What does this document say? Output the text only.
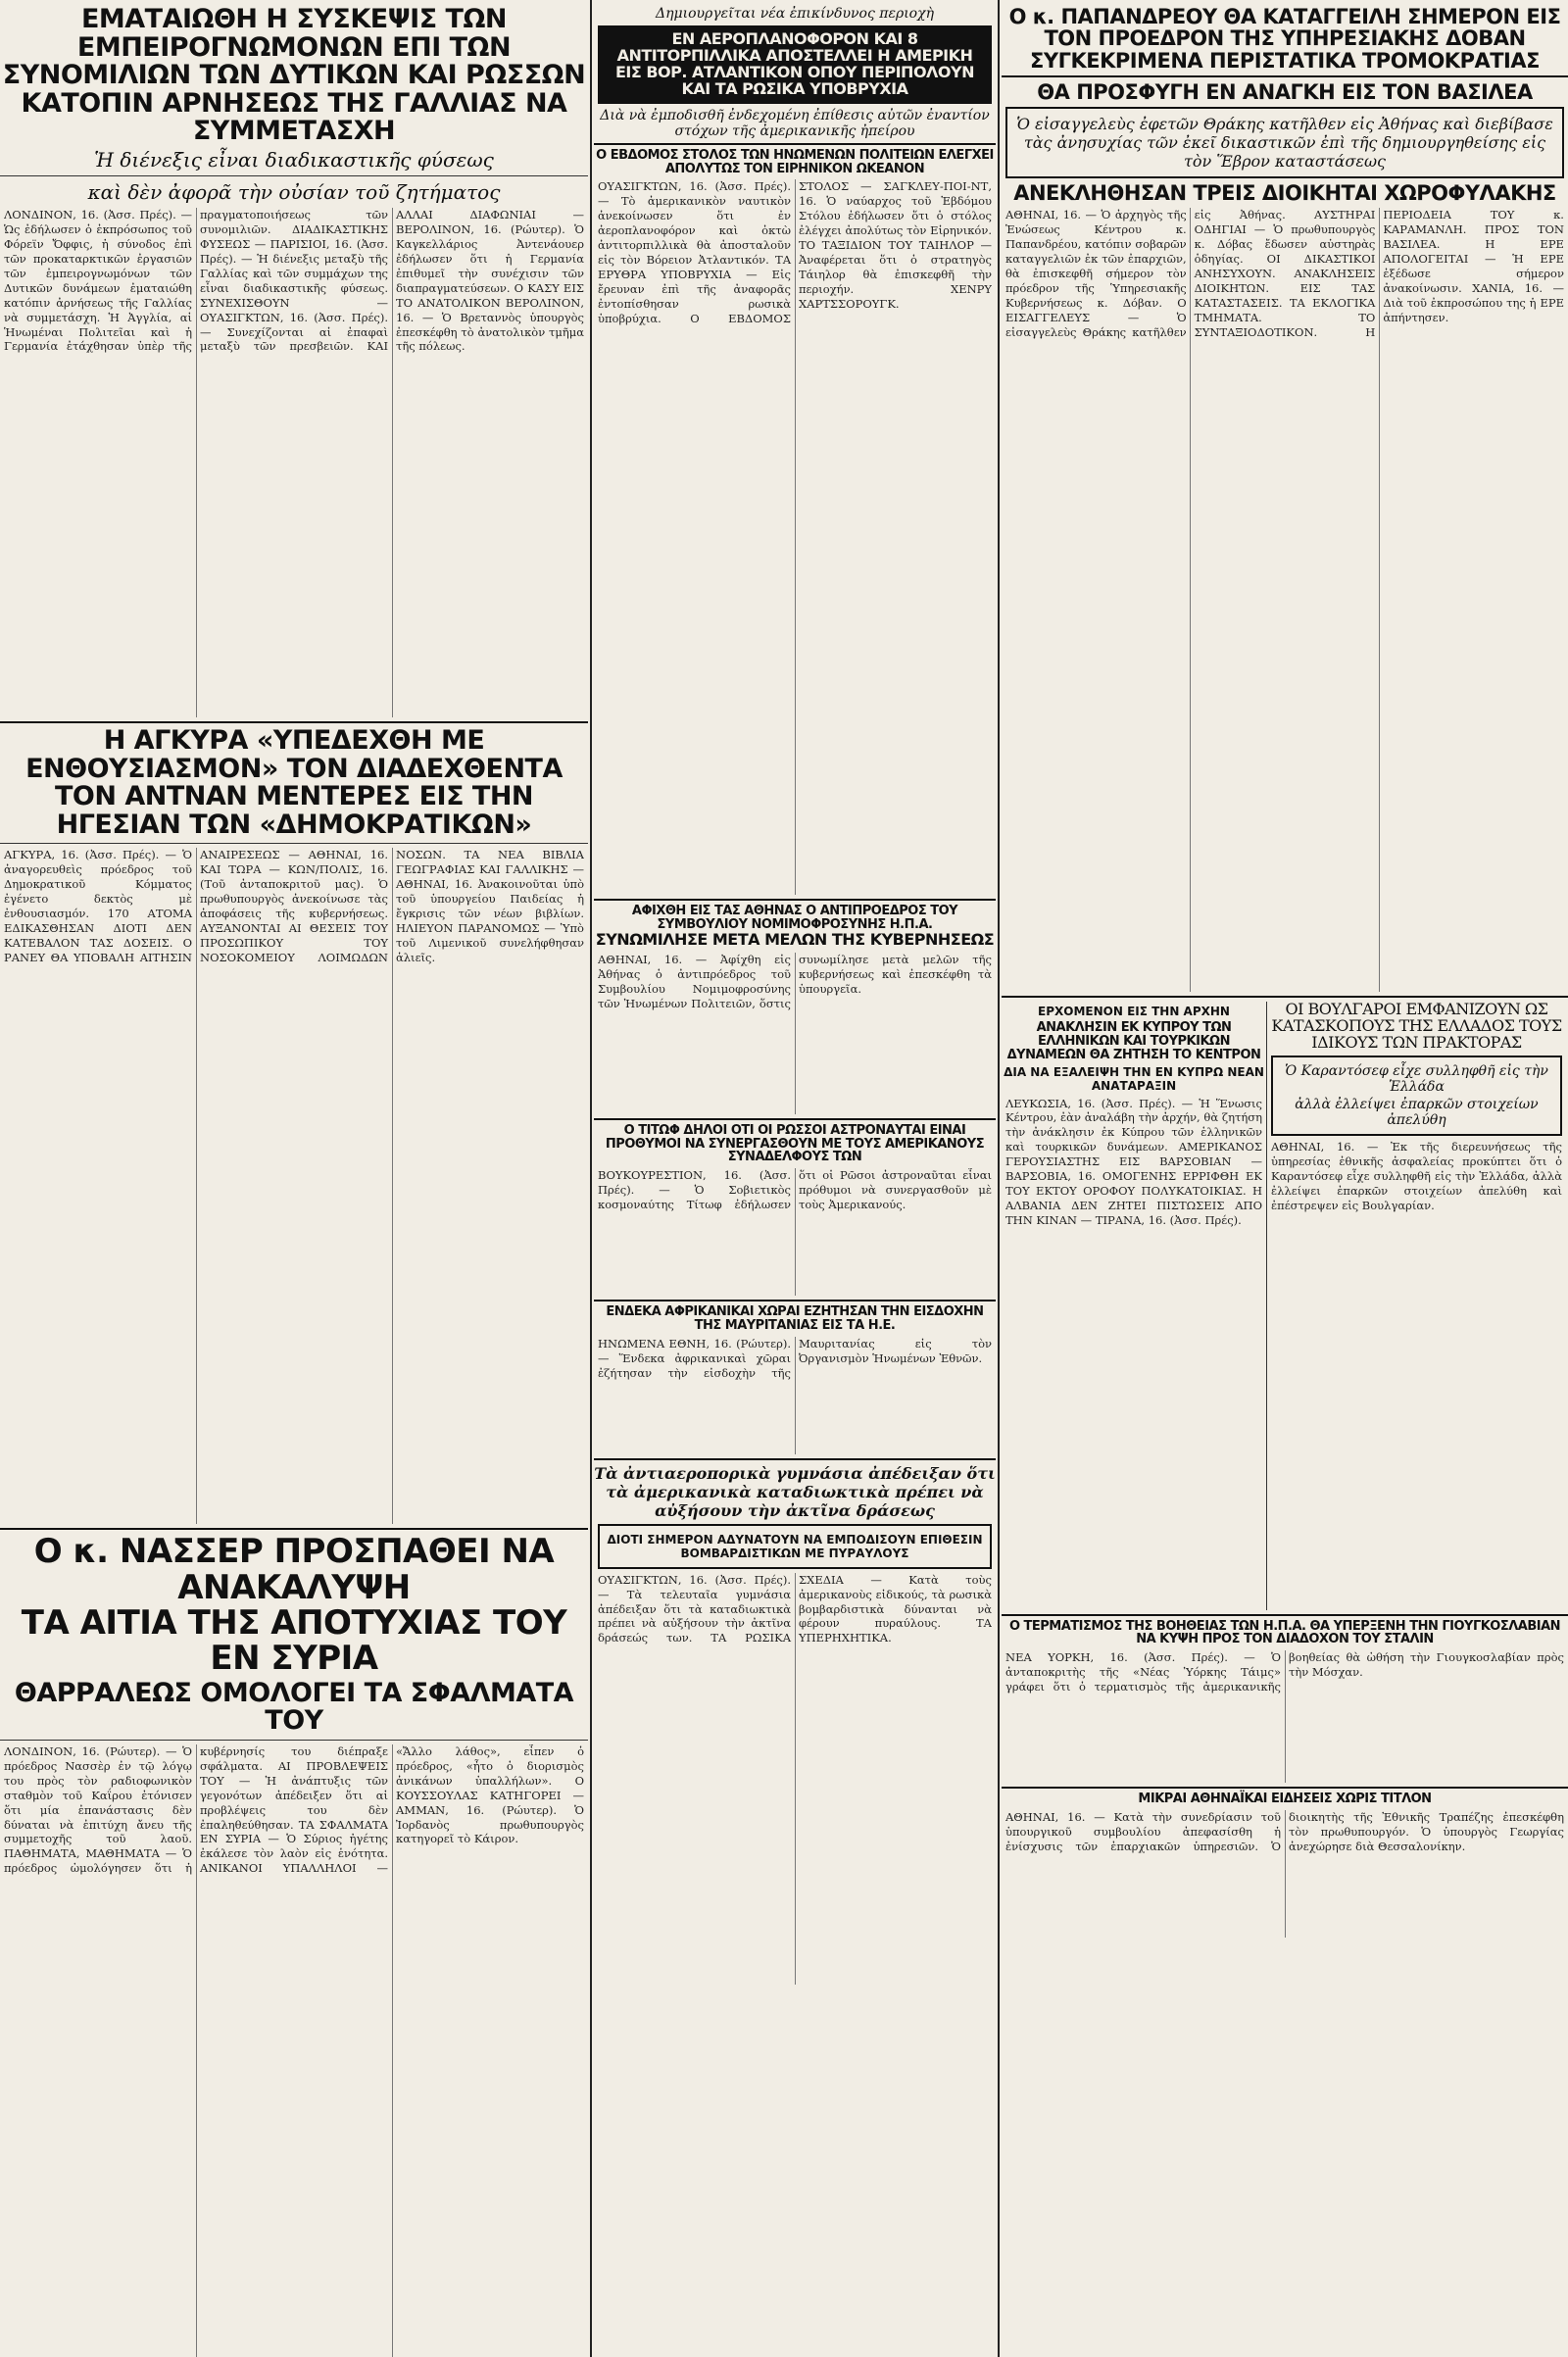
ΕΜΑΤΑΙΩΘΗ Η ΣΥΣΚΕΨΙΣ ΤΩΝ ΕΜΠΕΙΡΟΓΝΩΜΟΝΩΝ ΕΠΙ ΤΩΝ ΣΥΝΟΜΙΛΙΩΝ ΤΩΝ ΔΥΤΙΚΩΝ ΚΑΙ ΡΩΣΣΩΝ ΚΑΤΟΠΙΝ ΑΡΝΗΣΕΩΣ ΤΗΣ ΓΑΛΛΙΑΣ ΝΑ ΣΥΜΜΕΤΑΣΧΗ
Ἡ διένεξις εἶναι διαδικαστικῆς φύσεως
καὶ δὲν ἀφορᾶ τὴν οὐσίαν τοῦ ζητήματος
ΛΟΝΔΙΝΟΝ, 16. (Ἀσσ. Πρές). — Ὡς ἐδήλωσεν ὁ ἐκπρόσωπος τοῦ Φόρεϊν Ὄφφις, ἡ σύνοδος ἐπὶ τῶν προκαταρκτικῶν ἐργασιῶν τῶν ἐμπειρογνωμόνων τῶν Δυτικῶν δυνάμεων ἐματαιώθη κατόπιν ἀρνήσεως τῆς Γαλλίας νὰ συμμετάσχη. Ἡ Ἀγγλία, αἱ Ἡνωμέναι Πολιτεῖαι καὶ ἡ Γερμανία ἐτάχθησαν ὑπὲρ τῆς πραγματοποιήσεως τῶν συνομιλιῶν. ΔΙΑΔΙΚΑΣΤΙΚΗΣ ΦΥΣΕΩΣ — ΠΑΡΙΣΙΟΙ, 16. (Ἀσσ. Πρές). — Ἡ διένεξις μεταξὺ τῆς Γαλλίας καὶ τῶν συμμάχων της εἶναι διαδικαστικῆς φύσεως. ΣΥΝΕΧΙΣΘΟΥΝ — ΟΥΑΣΙΓΚΤΩΝ, 16. (Ἀσσ. Πρές). — Συνεχίζονται αἱ ἐπαφαὶ μεταξὺ τῶν πρεσβειῶν. ΚΑΙ ΑΛΛΑΙ ΔΙΑΦΩΝΙΑΙ — ΒΕΡΟΛΙΝΟΝ, 16. (Ρώυτερ). Ὁ Καγκελλάριος Ἀντενάουερ ἐδήλωσεν ὅτι ἡ Γερμανία ἐπιθυμεῖ τὴν συνέχισιν τῶν διαπραγματεύσεων. Ο ΚΑΣΥ ΕΙΣ ΤΟ ΑΝΑΤΟΛΙΚΟΝ ΒΕΡΟΛΙΝΟΝ, 16. — Ὁ Βρεταννὸς ὑπουργὸς ἐπεσκέφθη τὸ ἀνατολικὸν τμῆμα τῆς πόλεως.
Η ΑΓΚΥΡΑ «ΥΠΕΔΕΧΘΗ ΜΕ ΕΝΘΟΥΣΙΑΣΜΟΝ» ΤΟΝ ΔΙΑΔΕΧΘΕΝΤΑ ΤΟΝ ΑΝΤΝΑΝ ΜΕΝΤΕΡΕΣ ΕΙΣ ΤΗΝ ΗΓΕΣΙΑΝ ΤΩΝ «ΔΗΜΟΚΡΑΤΙΚΩΝ»
ΑΓΚΥΡΑ, 16. (Ἀσσ. Πρές). — Ὁ ἀναγορευθεὶς πρόεδρος τοῦ Δημοκρατικοῦ Κόμματος ἐγένετο δεκτὸς μὲ ἐνθουσιασμόν. 170 ΑΤΟΜΑ ΕΔΙΚΑΣΘΗΣΑΝ ΔΙΟΤΙ ΔΕΝ ΚΑΤΕΒΑΛΟΝ ΤΑΣ ΔΟΣΕΙΣ. Ο ΡΑΝΕΥ ΘΑ ΥΠΟΒΑΛΗ ΑΙΤΗΣΙΝ ΑΝΑΙΡΕΣΕΩΣ — ΑΘΗΝΑΙ, 16. ΚΑΙ ΤΩΡΑ — ΚΩΝ/ΠΟΛΙΣ, 16. (Τοῦ ἀνταποκριτοῦ μας). Ὁ πρωθυπουργὸς ἀνεκοίνωσε τὰς ἀποφάσεις τῆς κυβερνήσεως. ΑΥΞΑΝΟΝΤΑΙ ΑΙ ΘΕΣΕΙΣ ΤΟΥ ΠΡΟΣΩΠΙΚΟΥ ΤΟΥ ΝΟΣΟΚΟΜΕΙΟΥ ΛΟΙΜΩΔΩΝ ΝΟΣΩΝ. ΤΑ ΝΕΑ ΒΙΒΛΙΑ ΓΕΩΓΡΑΦΙΑΣ ΚΑΙ ΓΑΛΛΙΚΗΣ — ΑΘΗΝΑΙ, 16. Ἀνακοινοῦται ὑπὸ τοῦ ὑπουργείου Παιδείας ἡ ἔγκρισις τῶν νέων βιβλίων. ΗΛΙΕΥΟΝ ΠΑΡΑΝΟΜΩΣ — Ὑπὸ τοῦ Λιμενικοῦ συνελήφθησαν ἁλιεῖς.
Ο κ. ΝΑΣΣΕΡ ΠΡΟΣΠΑΘΕΙ ΝΑ ΑΝΑΚΑΛΥΨΗ
ΤΑ ΑΙΤΙΑ ΤΗΣ ΑΠΟΤΥΧΙΑΣ ΤΟΥ ΕΝ ΣΥΡΙΑ
ΘΑΡΡΑΛΕΩΣ ΟΜΟΛΟΓΕΙ ΤΑ ΣΦΑΛΜΑΤΑ ΤΟΥ
ΛΟΝΔΙΝΟΝ, 16. (Ρώυτερ). — Ὁ πρόεδρος Νασσὲρ ἐν τῷ λόγῳ του πρὸς τὸν ραδιοφωνικὸν σταθμὸν τοῦ Καΐρου ἐτόνισεν ὅτι μία ἐπανάστασις δὲν δύναται νὰ ἐπιτύχη ἄνευ τῆς συμμετοχῆς τοῦ λαοῦ. ΠΑΘΗΜΑΤΑ, ΜΑΘΗΜΑΤΑ — Ὁ πρόεδρος ὡμολόγησεν ὅτι ἡ κυβέρνησίς του διέπραξε σφάλματα. ΑΙ ΠΡΟΒΛΕΨΕΙΣ ΤΟΥ — Ἡ ἀνάπτυξις τῶν γεγονότων ἀπέδειξεν ὅτι αἱ προβλέψεις του δὲν ἐπαληθεύθησαν. ΤΑ ΣΦΑΛΜΑΤΑ ΕΝ ΣΥΡΙΑ — Ὁ Σύριος ἠγέτης ἐκάλεσε τὸν λαὸν εἰς ἑνότητα. ΑΝΙΚΑΝΟΙ ΥΠΑΛΛΗΛΟΙ — «Ἄλλο λάθος», εἶπεν ὁ πρόεδρος, «ἦτο ὁ διορισμὸς ἀνικάνων ὑπαλλήλων». Ο ΚΟΥΣΣΟΥΛΑΣ ΚΑΤΗΓΟΡΕΙ — ΑΜΜΑΝ, 16. (Ρώυτερ). Ὁ Ἰορδανὸς πρωθυπουργὸς κατηγορεῖ τὸ Κάιρον.
Δημιουργεῖται νέα ἐπικίνδυνος περιοχὴ
ΕΝ ΑΕΡΟΠΛΑΝΟΦΟΡΟΝ ΚΑΙ 8 ΑΝΤΙΤΟΡΠΙΛΛΙΚΑ ΑΠΟΣΤΕΛΛΕΙ Η ΑΜΕΡΙΚΗ ΕΙΣ ΒΟΡ. ΑΤΛΑΝΤΙΚΟΝ ΟΠΟΥ ΠΕΡΙΠΟΛΟΥΝ ΚΑΙ ΤΑ ΡΩΣΙΚΑ ΥΠΟΒΡΥΧΙΑ
Διὰ νὰ ἐμποδισθῆ ἐνδεχομένη ἐπίθεσις αὐτῶν ἐναντίον στόχων τῆς ἀμερικανικῆς ἠπείρου
Ο ΕΒΔΟΜΟΣ ΣΤΟΛΟΣ ΤΩΝ ΗΝΩΜΕΝΩΝ ΠΟΛΙΤΕΙΩΝ ΕΛΕΓΧΕΙ ΑΠΟΛΥΤΩΣ ΤΟΝ ΕΙΡΗΝΙΚΟΝ ΩΚΕΑΝΟΝ
ΟΥΑΣΙΓΚΤΩΝ, 16. (Ἀσσ. Πρές). — Τὸ ἀμερικανικὸν ναυτικὸν ἀνεκοίνωσεν ὅτι ἐν ἀεροπλανοφόρον καὶ ὀκτὼ ἀντιτορπιλλικὰ θὰ ἀποσταλοῦν εἰς τὸν Βόρειον Ἀτλαντικόν. ΤΑ ΕΡΥΘΡΑ ΥΠΟΒΡΥΧΙΑ — Εἰς ἔρευναν ἐπὶ τῆς ἀναφορᾶς ἐντοπίσθησαν ρωσικὰ ὑποβρύχια. Ο ΕΒΔΟΜΟΣ ΣΤΟΛΟΣ — ΣΑΓΚΛΕΥ-ΠΟΙ-ΝΤ, 16. Ὁ ναύαρχος τοῦ Ἑβδόμου Στόλου ἐδήλωσεν ὅτι ὁ στόλος ἐλέγχει ἀπολύτως τὸν Εἰρηνικόν. ΤΟ ΤΑΞΙΔΙΟΝ ΤΟΥ ΤΑΙΗΛΟΡ — Ἀναφέρεται ὅτι ὁ στρατηγὸς Τάιηλορ θὰ ἐπισκεφθῆ τὴν περιοχήν. ΧΕΝΡΥ ΧΑΡΤΣΣΟΡΟΥΓΚ.
ΑΦΙΧΘΗ ΕΙΣ ΤΑΣ ΑΘΗΝΑΣ Ο ΑΝΤΙΠΡΟΕΔΡΟΣ ΤΟΥ ΣΥΜΒΟΥΛΙΟΥ ΝΟΜΙΜΟΦΡΟΣΥΝΗΣ Η.Π.Α.
ΣΥΝΩΜΙΛΗΣΕ ΜΕΤΑ ΜΕΛΩΝ ΤΗΣ ΚΥΒΕΡΝΗΣΕΩΣ
ΑΘΗΝΑΙ, 16. — Ἀφίχθη εἰς Ἀθήνας ὁ ἀντιπρόεδρος τοῦ Συμβουλίου Νομιμοφροσύνης τῶν Ἡνωμένων Πολιτειῶν, ὅστις συνωμίλησε μετὰ μελῶν τῆς κυβερνήσεως καὶ ἐπεσκέφθη τὰ ὑπουργεῖα.
Ο ΤΙΤΩΦ ΔΗΛΟΙ ΟΤΙ ΟΙ ΡΩΣΣΟΙ ΑΣΤΡΟΝΑΥΤΑΙ ΕΙΝΑΙ ΠΡΟΘΥΜΟΙ ΝΑ ΣΥΝΕΡΓΑΣΘΟΥΝ ΜΕ ΤΟΥΣ ΑΜΕΡΙΚΑΝΟΥΣ ΣΥΝΑΔΕΛΦΟΥΣ ΤΩΝ
ΒΟΥΚΟΥΡΕΣΤΙΟΝ, 16. (Ἀσσ. Πρές). — Ὁ Σοβιετικὸς κοσμοναύτης Τίτωφ ἐδήλωσεν ὅτι οἱ Ρῶσοι ἀστροναῦται εἶναι πρόθυμοι νὰ συνεργασθοῦν μὲ τοὺς Ἀμερικανούς.
ΕΝΔΕΚΑ ΑΦΡΙΚΑΝΙΚΑΙ ΧΩΡΑΙ ΕΖΗΤΗΣΑΝ ΤΗΝ ΕΙΣΔΟΧΗΝ ΤΗΣ ΜΑΥΡΙΤΑΝΙΑΣ ΕΙΣ ΤΑ Η.Ε.
ΗΝΩΜΕΝΑ ΕΘΝΗ, 16. (Ρώυτερ). — Ἕνδεκα ἀφρικανικαὶ χῶραι ἐζήτησαν τὴν εἰσδοχὴν τῆς Μαυριτανίας εἰς τὸν Ὀργανισμὸν Ἡνωμένων Ἐθνῶν.
Τὰ ἀντιαεροπορικὰ γυμνάσια ἀπέδειξαν ὅτι τὰ ἀμερικανικὰ καταδιωκτικὰ πρέπει νὰ αὐξήσουν τὴν ἀκτῖνα δράσεως
ΔΙΟΤΙ ΣΗΜΕΡΟΝ ΑΔΥΝΑΤΟΥΝ ΝΑ ΕΜΠΟΔΙΣΟΥΝ ΕΠΙΘΕΣΙΝ ΒΟΜΒΑΡΔΙΣΤΙΚΩΝ ΜΕ ΠΥΡΑΥΛΟΥΣ
ΟΥΑΣΙΓΚΤΩΝ, 16. (Ἀσσ. Πρές). — Τὰ τελευταῖα γυμνάσια ἀπέδειξαν ὅτι τὰ καταδιωκτικὰ πρέπει νὰ αὐξήσουν τὴν ἀκτῖνα δράσεώς των. ΤΑ ΡΩΣΙΚΑ ΣΧΕΔΙΑ — Κατὰ τοὺς ἀμερικανοὺς εἰδικούς, τὰ ρωσικὰ βομβαρδιστικὰ δύνανται νὰ φέρουν πυραύλους. ΤΑ ΥΠΕΡΗΧΗΤΙΚΑ.
Ο κ. ΠΑΠΑΝΔΡΕΟΥ ΘΑ ΚΑΤΑΓΓΕΙΛΗ ΣΗΜΕΡΟΝ ΕΙΣ ΤΟΝ ΠΡΟΕΔΡΟΝ ΤΗΣ ΥΠΗΡΕΣΙΑΚΗΣ ΔΟΒΑΝ ΣΥΓΚΕΚΡΙΜΕΝΑ ΠΕΡΙΣΤΑΤΙΚΑ ΤΡΟΜΟΚΡΑΤΙΑΣ
ΘΑ ΠΡΟΣΦΥΓΗ ΕΝ ΑΝΑΓΚΗ ΕΙΣ ΤΟΝ ΒΑΣΙΛΕΑ
Ὁ εἰσαγγελεὺς ἐφετῶν Θράκης κατῆλθεν εἰς Ἀθήνας καὶ διεβίβασε τὰς ἀνησυχίας τῶν ἐκεῖ δικαστικῶν ἐπὶ τῆς δημιουργηθείσης εἰς τὸν Ἕβρον καταστάσεως
ΑΝΕΚΛΗΘΗΣΑΝ ΤΡΕΙΣ ΔΙΟΙΚΗΤΑΙ ΧΩΡΟΦΥΛΑΚΗΣ
ΑΘΗΝΑΙ, 16. — Ὁ ἀρχηγὸς τῆς Ἑνώσεως Κέντρου κ. Παπανδρέου, κατόπιν σοβαρῶν καταγγελιῶν ἐκ τῶν ἐπαρχιῶν, θὰ ἐπισκεφθῆ σήμερον τὸν πρόεδρον τῆς Ὑπηρεσιακῆς Κυβερνήσεως κ. Δόβαν. Ο ΕΙΣΑΓΓΕΛΕΥΣ — Ὁ εἰσαγγελεὺς Θράκης κατῆλθεν εἰς Ἀθήνας. ΑΥΣΤΗΡΑΙ ΟΔΗΓΙΑΙ — Ὁ πρωθυπουργὸς κ. Δόβας ἔδωσεν αὐστηρὰς ὁδηγίας. ΟΙ ΔΙΚΑΣΤΙΚΟΙ ΑΝΗΣΥΧΟΥΝ. ΑΝΑΚΛΗΣΕΙΣ ΔΙΟΙΚΗΤΩΝ. ΕΙΣ ΤΑΣ ΚΑΤΑΣΤΑΣΕΙΣ. ΤΑ ΕΚΛΟΓΙΚΑ ΤΜΗΜΑΤΑ. ΤΟ ΣΥΝΤΑΞΙΟΔΟΤΙΚΟΝ. Η ΠΕΡΙΟΔΕΙΑ ΤΟΥ κ. ΚΑΡΑΜΑΝΛΗ. ΠΡΟΣ ΤΟΝ ΒΑΣΙΛΕΑ. Η ΕΡΕ ΑΠΟΛΟΓΕΙΤΑΙ — Ἡ ΕΡΕ ἐξέδωσε σήμερον ἀνακοίνωσιν. ΧΑΝΙΑ, 16. — Διὰ τοῦ ἐκπροσώπου της ἡ ΕΡΕ ἀπήντησεν.
ΕΡΧΟΜΕΝΟΝ ΕΙΣ ΤΗΝ ΑΡΧΗΝ
ΑΝΑΚΛΗΣΙΝ ΕΚ ΚΥΠΡΟΥ ΤΩΝ ΕΛΛΗΝΙΚΩΝ ΚΑΙ ΤΟΥΡΚΙΚΩΝ ΔΥΝΑΜΕΩΝ ΘΑ ΖΗΤΗΣΗ ΤΟ ΚΕΝΤΡΟΝ
ΔΙΑ ΝΑ ΕΞΑΛΕΙΨΗ ΤΗΝ ΕΝ ΚΥΠΡΩ ΝΕΑΝ ΑΝΑΤΑΡΑΞΙΝ
ΛΕΥΚΩΣΙΑ, 16. (Ἀσσ. Πρές). — Ἡ Ἕνωσις Κέντρου, ἐὰν ἀναλάβη τὴν ἀρχήν, θὰ ζητήση τὴν ἀνάκλησιν ἐκ Κύπρου τῶν ἑλληνικῶν καὶ τουρκικῶν δυνάμεων. ΑΜΕΡΙΚΑΝΟΣ ΓΕΡΟΥΣΙΑΣΤΗΣ ΕΙΣ ΒΑΡΣΟΒΙΑΝ — ΒΑΡΣΟΒΙΑ, 16. ΟΜΟΓΕΝΗΣ ΕΡΡΙΦΘΗ ΕΚ ΤΟΥ ΕΚΤΟΥ ΟΡΟΦΟΥ ΠΟΛΥΚΑΤΟΙΚΙΑΣ. Η ΑΛΒΑΝΙΑ ΔΕΝ ΖΗΤΕΙ ΠΙΣΤΩΣΕΙΣ ΑΠΟ ΤΗΝ ΚΙΝΑΝ — ΤΙΡΑΝΑ, 16. (Ἀσσ. Πρές).
ΟΙ ΒΟΥΛΓΑΡΟΙ ΕΜΦΑΝΙΖΟΥΝ ΩΣ ΚΑΤΑΣΚΟΠΟΥΣ ΤΗΣ ΕΛΛΑΔΟΣ ΤΟΥΣ ΙΔΙΚΟΥΣ ΤΩΝ ΠΡΑΚΤΟΡΑΣ
Ὁ Καραντόσεφ εἶχε συλληφθῆ εἰς τὴν Ἑλλάδα
ἀλλὰ ἐλλείψει ἐπαρκῶν στοιχείων ἀπελύθη
ΑΘΗΝΑΙ, 16. — Ἐκ τῆς διερευνήσεως τῆς ὑπηρεσίας ἐθνικῆς ἀσφαλείας προκύπτει ὅτι ὁ Καραντόσεφ εἶχε συλληφθῆ εἰς τὴν Ἑλλάδα, ἀλλὰ ἐλλείψει ἐπαρκῶν στοιχείων ἀπελύθη καὶ ἐπέστρεψεν εἰς Βουλγαρίαν.
Ο ΤΕΡΜΑΤΙΣΜΟΣ ΤΗΣ ΒΟΗΘΕΙΑΣ ΤΩΝ Η.Π.Α. ΘΑ ΥΠΕΡΞΕΝΗ ΤΗΝ ΓΙΟΥΓΚΟΣΛΑΒΙΑΝ ΝΑ ΚΥΨΗ ΠΡΟΣ ΤΟΝ ΔΙΑΔΟΧΟΝ ΤΟΥ ΣΤΑΛΙΝ
ΝΕΑ ΥΟΡΚΗ, 16. (Ἀσσ. Πρές). — Ὁ ἀνταποκριτὴς τῆς «Νέας Ὑόρκης Τάιμς» γράφει ὅτι ὁ τερματισμὸς τῆς ἀμερικανικῆς βοηθείας θὰ ὠθήση τὴν Γιουγκοσλαβίαν πρὸς τὴν Μόσχαν.
ΜΙΚΡΑΙ ΑΘΗΝΑΪΚΑΙ ΕΙΔΗΣΕΙΣ ΧΩΡΙΣ ΤΙΤΛΟΝ
ΑΘΗΝΑΙ, 16. — Κατὰ τὴν συνεδρίασιν τοῦ ὑπουργικοῦ συμβουλίου ἀπεφασίσθη ἡ ἐνίσχυσις τῶν ἐπαρχιακῶν ὑπηρεσιῶν. Ὁ διοικητὴς τῆς Ἐθνικῆς Τραπέζης ἐπεσκέφθη τὸν πρωθυπουργόν. Ὁ ὑπουργὸς Γεωργίας ἀνεχώρησε διὰ Θεσσαλονίκην.
